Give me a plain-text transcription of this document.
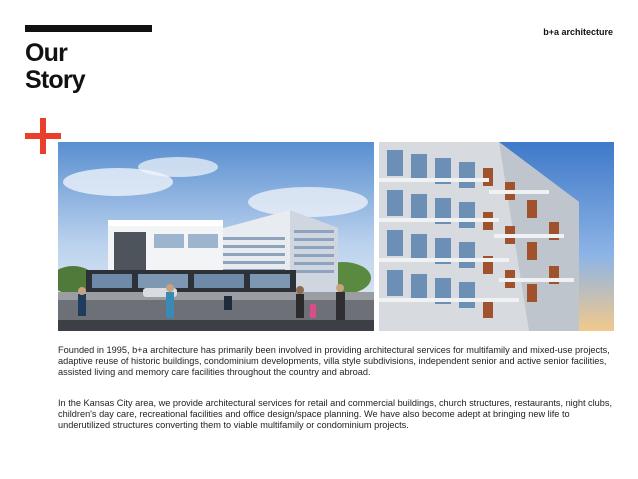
b+a architecture
Our
Story

Founded in 1995, b+a architecture has primarily been involved in providing architectural services for multifamily and mixed-use projects, adaptive reuse of historic buildings, condominium developments, villa style subdivisions, independent senior and active senior facilities, assisted living and memory care facilities throughout the country and abroad.

In the Kansas City area, we provide architectural services for retail and commercial buildings, church structures, restaurants, night clubs, children's day care, recreational facilities and office design/space planning. We have also become adept at bringing new life to underutilized structures converting them to viable multifamily or condominium projects.
